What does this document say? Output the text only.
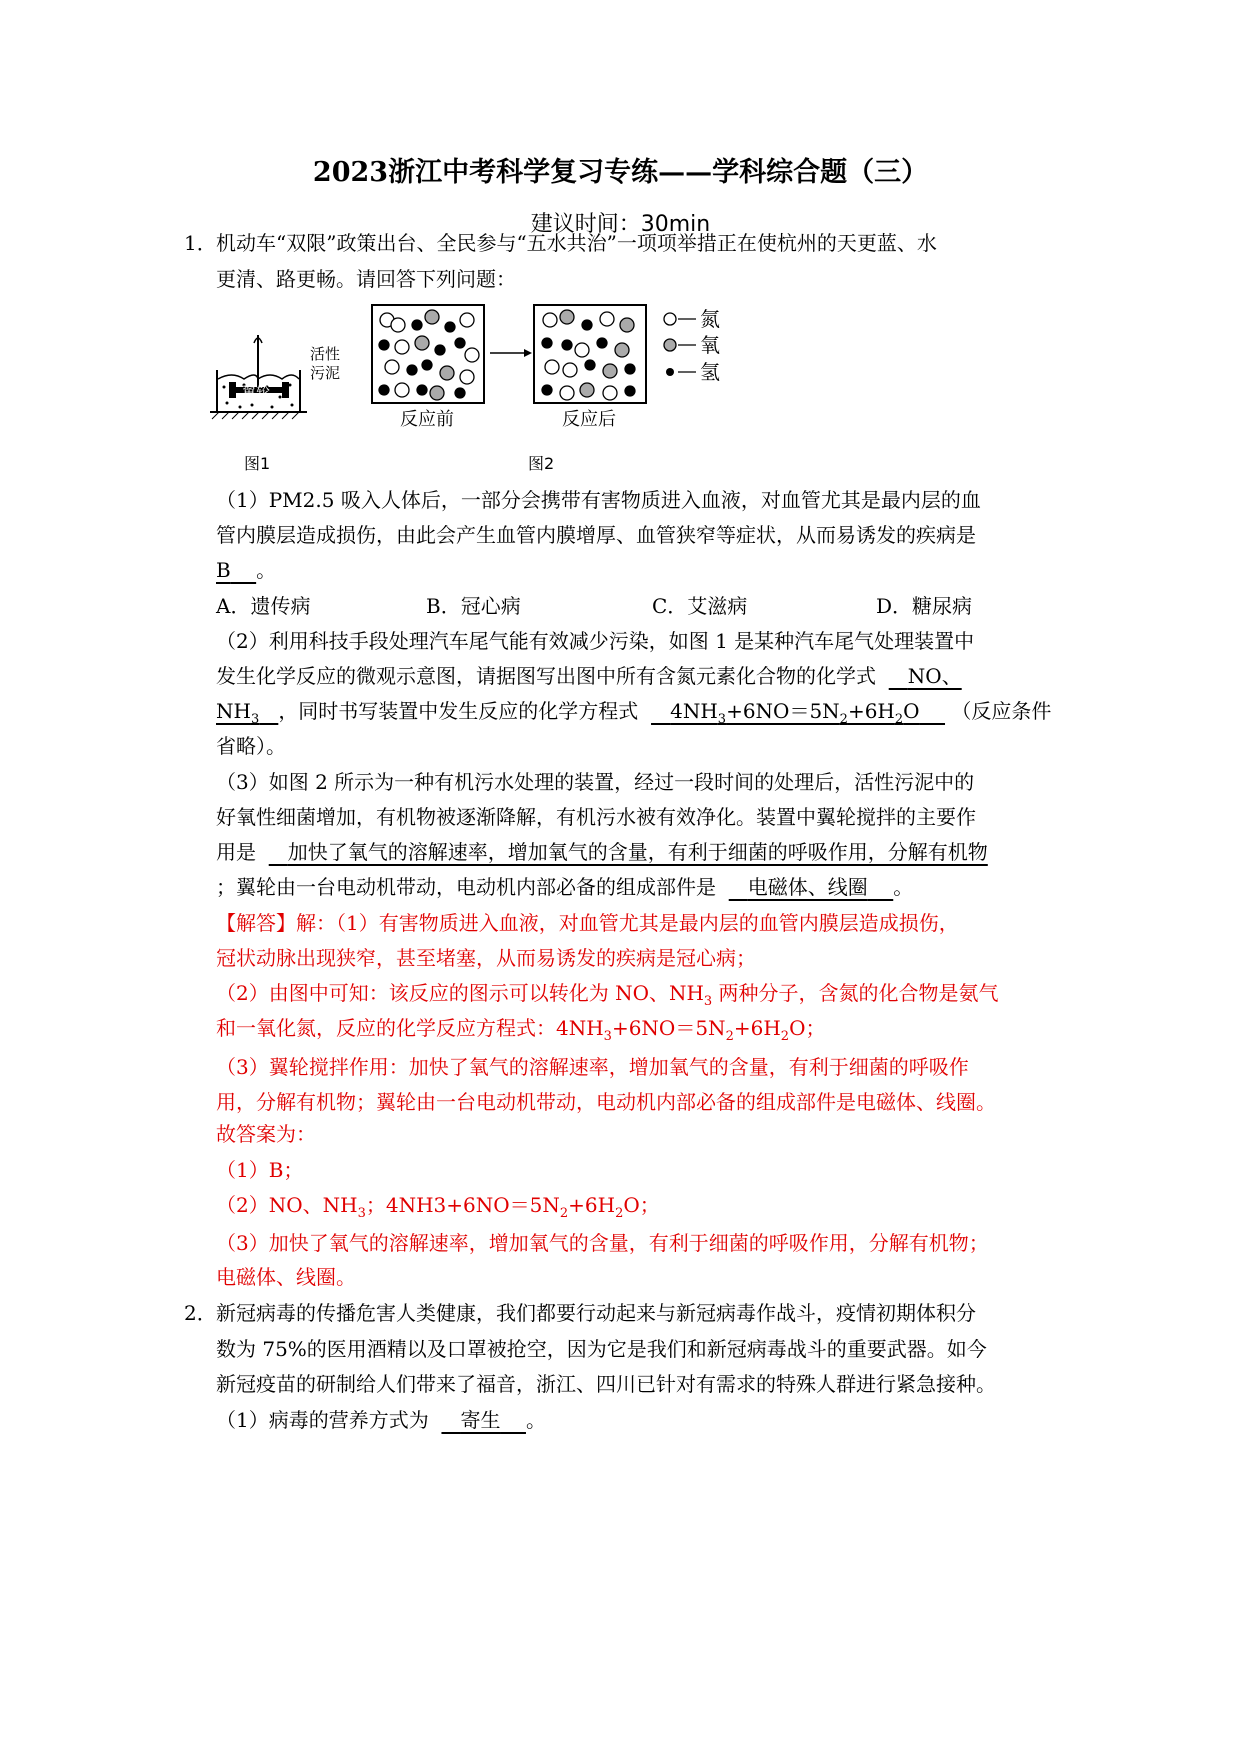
2023浙江中考科学复习专练——学科综合题（三）
建议时间：30min
1． 机动车“双限”政策出台、全民参与“五水共治”一项项举措正在使杭州的天更蓝、水
更清、路更畅。请回答下列问题：
翼轮
活性
污泥
反应前	反应后
氮
氧
氢
图1	图2
（1）PM2.5 吸入人体后，一部分会携带有害物质进入血液，对血管尤其是最内层的血
管内膜层造成损伤，由此会产生血管内膜增厚、血管狭窄等症状，从而易诱发的疾病是
B 。
A．遗传病	B．冠心病	C．艾滋病	D．糖尿病
（2）利用科技手段处理汽车尾气能有效减少污染，如图 1 是某种汽车尾气处理装置中
发生化学反应的微观示意图，请据图写出图中所有含氮元素化合物的化学式 NO、
$NH_3$ ，同时书写装置中发生反应的化学方程式 $4NH_3+6NO=5N_2+6H_2O$ （反应条件
省略）。
（3）如图 2 所示为一种有机污水处理的装置，经过一段时间的处理后，活性污泥中的
好氧性细菌增加，有机物被逐渐降解，有机污水被有效净化。装置中翼轮搅拌的主要作
用是 加快了氧气的溶解速率，增加氧气的含量，有利于细菌的呼吸作用，分解有机物
；翼轮由一台电动机带动，电动机内部必备的组成部件是 电磁体、线圈 。
【解答】解：（1）有害物质进入血液，对血管尤其是最内层的血管内膜层造成损伤，
冠状动脉出现狭窄，甚至堵塞，从而易诱发的疾病是冠心病；
（2）由图中可知：该反应的图示可以转化为 NO、$NH_3$ 两种分子，含氮的化合物是氨气
和一氧化氮，反应的化学反应方程式：$4NH_3+6NO=5N_2+6H_2O$；
（3）翼轮搅拌作用：加快了氧气的溶解速率，增加氧气的含量，有利于细菌的呼吸作
用，分解有机物；翼轮由一台电动机带动，电动机内部必备的组成部件是电磁体、线圈。
故答案为：
（1）B；
（2）NO、$NH_3$；$4NH3+6NO=5N_2+6H_2O$；
（3）加快了氧气的溶解速率，增加氧气的含量，有利于细菌的呼吸作用，分解有机物；
电磁体、线圈。
2． 新冠病毒的传播危害人类健康，我们都要行动起来与新冠病毒作战斗，疫情初期体积分
数为 75%的医用酒精以及口罩被抢空，因为它是我们和新冠病毒战斗的重要武器。如今
新冠疫苗的研制给人们带来了福音，浙江、四川已针对有需求的特殊人群进行紧急接种。
（1）病毒的营养方式为 寄生 。
